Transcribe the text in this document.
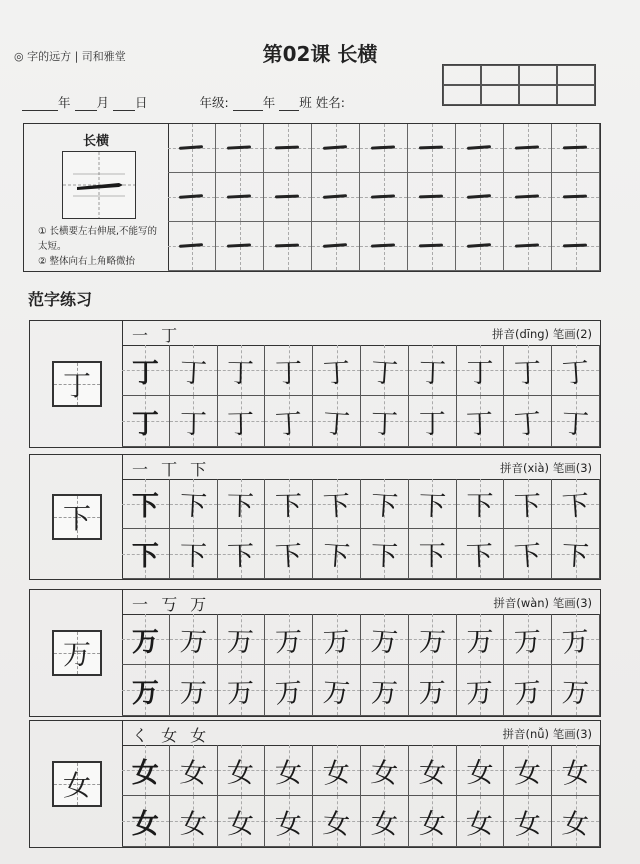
◎ 字的远方 | 司和雅堂	第02课 长横
年 月 日	年级:	年 班 姓名:
长横
① 长横要左右伸展,不能写的太短。
② 整体向右上角略微抬
范字练习
丁
一 丁	拼音(dīng) 笔画(2)
丁 丁 丁 丁 丁 丁 丁 丁 丁 丁
丁 丁 丁 丁 丁 丁 丁 丁 丁 丁
下
一 丅 下	拼音(xià) 笔画(3)
下 下 下 下 下 下 下 下 下 下
下 下 下 下 下 下 下 下 下 下
万
一 丂 万	拼音(wàn) 笔画(3)
万 万 万 万 万 万 万 万 万 万
万 万 万 万 万 万 万 万 万 万
女
く 女 女	拼音(nǚ) 笔画(3)
女 女 女 女 女 女 女 女 女 女
女 女 女 女 女 女 女 女 女 女
